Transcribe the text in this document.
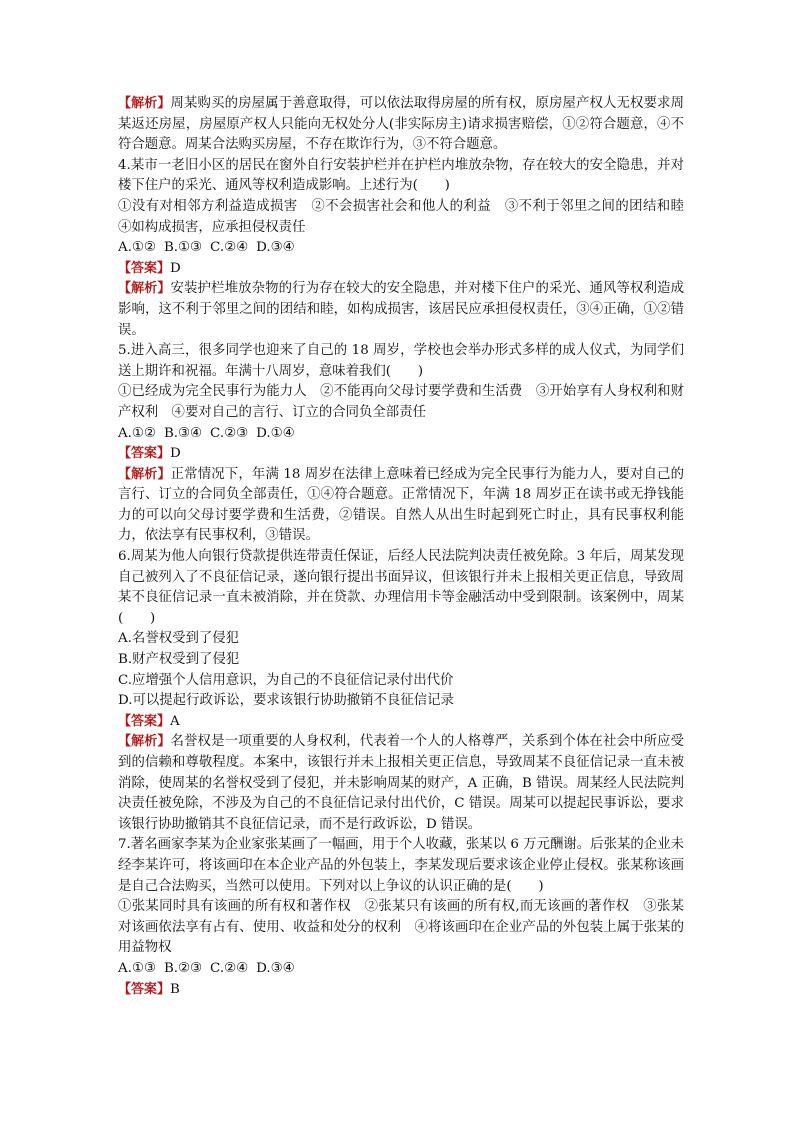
【解析】周某购买的房屋属于善意取得，可以依法取得房屋的所有权，原房屋产权人无权要求周某返还房屋，房屋原产权人只能向无权处分人(非实际房主)请求损害赔偿，①②符合题意，④不符合题意。周某合法购买房屋，不存在欺诈行为，③不符合题意。

4.某市一老旧小区的居民在窗外自行安装护栏并在护栏内堆放杂物，存在较大的安全隐患，并对楼下住户的采光、通风等权利造成影响。上述行为(　　)

①没有对相邻方利益造成损害　②不会损害社会和他人的利益　③不利于邻里之间的团结和睦　④如构成损害，应承担侵权责任

A.①② B.①③ C.②④ D.③④

【答案】D

【解析】安装护栏堆放杂物的行为存在较大的安全隐患，并对楼下住户的采光、通风等权利造成影响，这不利于邻里之间的团结和睦，如构成损害，该居民应承担侵权责任，③④正确，①②错误。

5.进入高三，很多同学也迎来了自己的 18 周岁，学校也会举办形式多样的成人仪式，为同学们送上期许和祝福。年满十八周岁，意味着我们(　　)

①已经成为完全民事行为能力人　②不能再向父母讨要学费和生活费　③开始享有人身权利和财产权利　④要对自己的言行、订立的合同负全部责任

A.①② B.③④ C.②③ D.①④

【答案】D

【解析】正常情况下，年满 18 周岁在法律上意味着已经成为完全民事行为能力人，要对自己的言行、订立的合同负全部责任，①④符合题意。正常情况下，年满 18 周岁正在读书或无挣钱能力的可以向父母讨要学费和生活费，②错误。自然人从出生时起到死亡时止，具有民事权利能力，依法享有民事权利，③错误。

6.周某为他人向银行贷款提供连带责任保证，后经人民法院判决责任被免除。3 年后，周某发现自己被列入了不良征信记录，遂向银行提出书面异议，但该银行并未上报相关更正信息，导致周某不良征信记录一直未被消除，并在贷款、办理信用卡等金融活动中受到限制。该案例中，周某(　　)

A.名誉权受到了侵犯

B.财产权受到了侵犯

C.应增强个人信用意识，为自己的不良征信记录付出代价

D.可以提起行政诉讼，要求该银行协助撤销不良征信记录

【答案】A

【解析】名誉权是一项重要的人身权利，代表着一个人的人格尊严，关系到个体在社会中所应受到的信赖和尊敬程度。本案中，该银行并未上报相关更正信息，导致周某不良征信记录一直未被消除，使周某的名誉权受到了侵犯，并未影响周某的财产，A 正确，B 错误。周某经人民法院判决责任被免除，不涉及为自己的不良征信记录付出代价，C 错误。周某可以提起民事诉讼，要求该银行协助撤销其不良征信记录，而不是行政诉讼，D 错误。

7.著名画家李某为企业家张某画了一幅画，用于个人收藏，张某以 6 万元酬谢。后张某的企业未经李某许可，将该画印在本企业产品的外包装上，李某发现后要求该企业停止侵权。张某称该画是自己合法购买，当然可以使用。下列对以上争议的认识正确的是(　　)

①张某同时具有该画的所有权和著作权　②张某只有该画的所有权,而无该画的著作权　③张某对该画依法享有占有、使用、收益和处分的权利　④将该画印在企业产品的外包装上属于张某的用益物权

A.①③ B.②③ C.②④ D.③④

【答案】B
